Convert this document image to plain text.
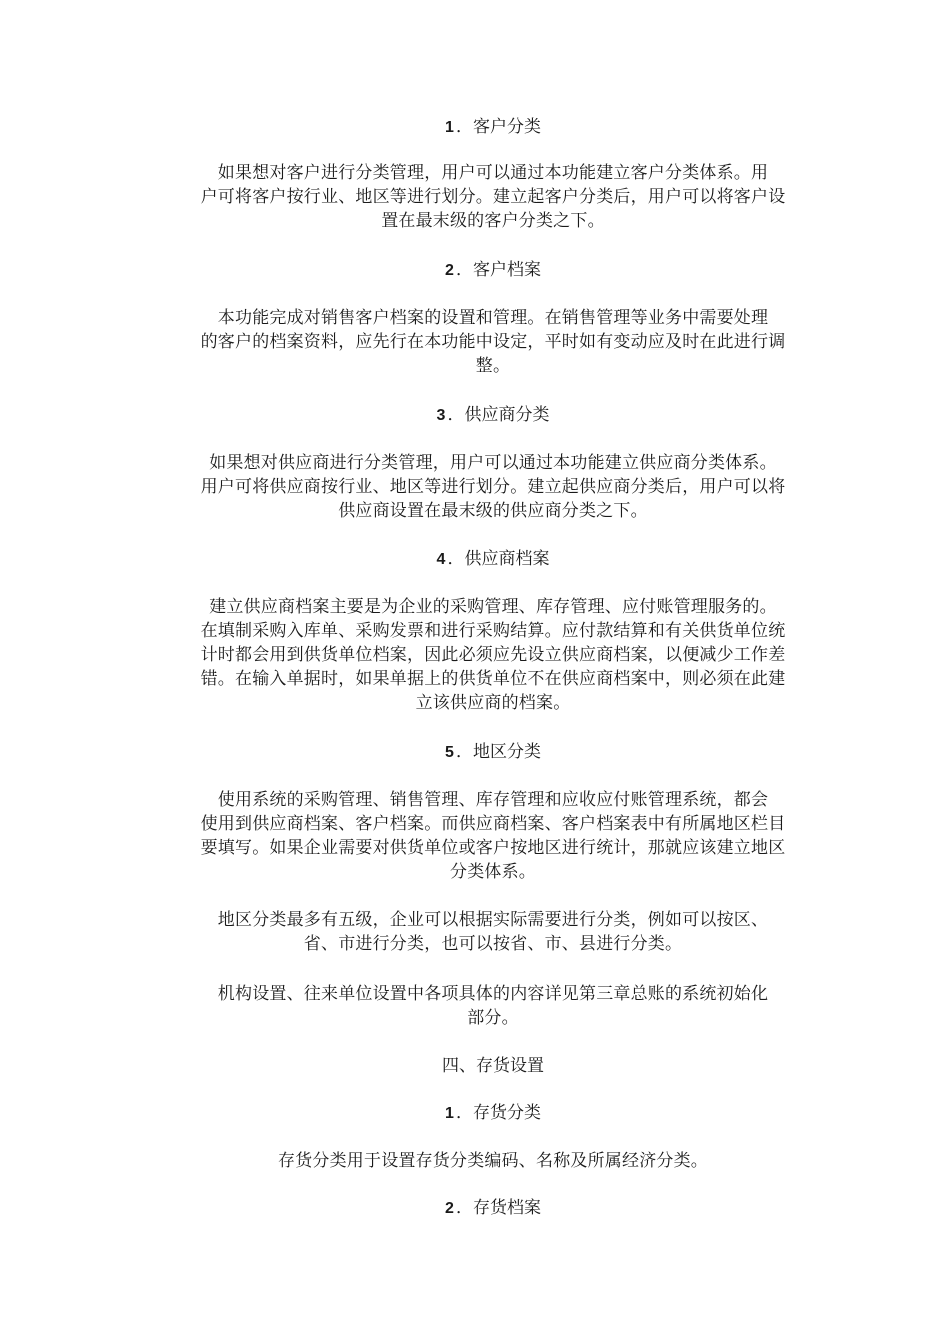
1 ．客户分类
如果想对客户进行分类管理，用户可以通过本功能建立客户分类体系。用
户可将客户按行业、地区等进行划分。建立起客户分类后，用户可以将客户设
置在最末级的客户分类之下。
2 ．客户档案
本功能完成对销售客户档案的设置和管理。在销售管理等业务中需要处理
的客户的档案资料，应先行在本功能中设定，平时如有变动应及时在此进行调
整。
3 ．供应商分类
如果想对供应商进行分类管理，用户可以通过本功能建立供应商分类体系。
用户可将供应商按行业、地区等进行划分。建立起供应商分类后，用户可以将
供应商设置在最末级的供应商分类之下。
4 ．供应商档案
建立供应商档案主要是为企业的采购管理、库存管理、应付账管理服务的。
在填制采购入库单、采购发票和进行采购结算。应付款结算和有关供货单位统
计时都会用到供货单位档案，因此必须应先设立供应商档案，以便减少工作差
错。在输入单据时，如果单据上的供货单位不在供应商档案中，则必须在此建
立该供应商的档案。
5 ．地区分类
使用系统的采购管理、销售管理、库存管理和应收应付账管理系统，都会
使用到供应商档案、客户档案。而供应商档案、客户档案表中有所属地区栏目
要填写。如果企业需要对供货单位或客户按地区进行统计，那就应该建立地区
分类体系。
地区分类最多有五级，企业可以根据实际需要进行分类，例如可以按区、
省、市进行分类，也可以按省、市、县进行分类。
机构设置、往来单位设置中各项具体的内容详见第三章总账的系统初始化
部分。
四、存货设置
1 ．存货分类
存货分类用于设置存货分类编码、名称及所属经济分类。
2 ．存货档案
